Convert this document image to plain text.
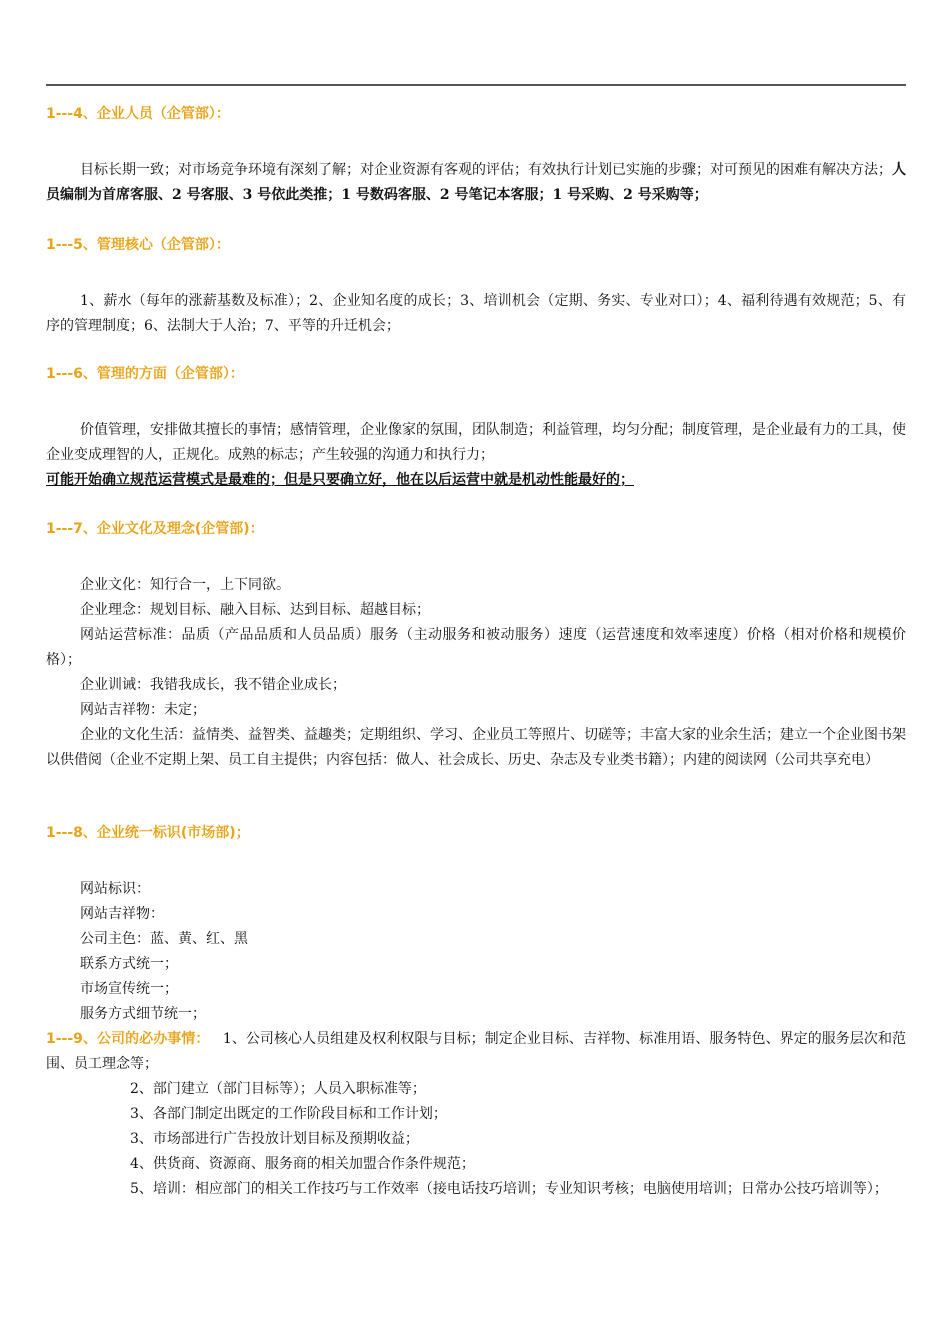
1---4、企业人员（企管部）：
目标长期一致；对市场竞争环境有深刻了解；对企业资源有客观的评估；有效执行计划已实施的步骤；对可预见的困难有解决方法；人员编制为首席客服、2 号客服、3 号依此类推；1 号数码客服、2 号笔记本客服；1 号采购、2 号采购等；
1---5、管理核心（企管部）：
1、薪水（每年的涨薪基数及标准）；2、企业知名度的成长；3、培训机会（定期、务实、专业对口）；4、福利待遇有效规范；5、有序的管理制度；6、法制大于人治；7、平等的升迁机会；
1---6、管理的方面（企管部）：
价值管理，安排做其擅长的事情；感情管理，企业像家的氛围，团队制造；利益管理，均匀分配；制度管理，是企业最有力的工具，使企业变成理智的人，正规化。成熟的标志；产生较强的沟通力和执行力；
可能开始确立规范运营模式是最难的；但是只要确立好，他在以后运营中就是机动性能最好的；
1---7、企业文化及理念(企管部)：
企业文化：知行合一，上下同欲。
企业理念：规划目标、融入目标、达到目标、超越目标；
网站运营标准：品质（产品品质和人员品质）服务（主动服务和被动服务）速度（运营速度和效率速度）价格（相对价格和规模价格）；
企业训诫：我错我成长，我不错企业成长；
网站吉祥物：未定；
企业的文化生活：益情类、益智类、益趣类；定期组织、学习、企业员工等照片、切磋等；丰富大家的业余生活；建立一个企业图书架以供借阅（企业不定期上架、员工自主提供；内容包括：做人、社会成长、历史、杂志及专业类书籍）；内建的阅读网（公司共享充电）
1---8、企业统一标识(市场部)；
网站标识：
网站吉祥物：
公司主色：蓝、黄、红、黑
联系方式统一；
市场宣传统一；
服务方式细节统一；
1---9、公司的必办事情： 1、公司核心人员组建及权利权限与目标；制定企业目标、吉祥物、标准用语、服务特色、界定的服务层次和范围、员工理念等；
2、部门建立（部门目标等）；人员入职标准等；
3、各部门制定出既定的工作阶段目标和工作计划；
3、市场部进行广告投放计划目标及预期收益；
4、供货商、资源商、服务商的相关加盟合作条件规范；
5、培训：相应部门的相关工作技巧与工作效率（接电话技巧培训；专业知识考核；电脑使用培训；日常办公技巧培训等）；
